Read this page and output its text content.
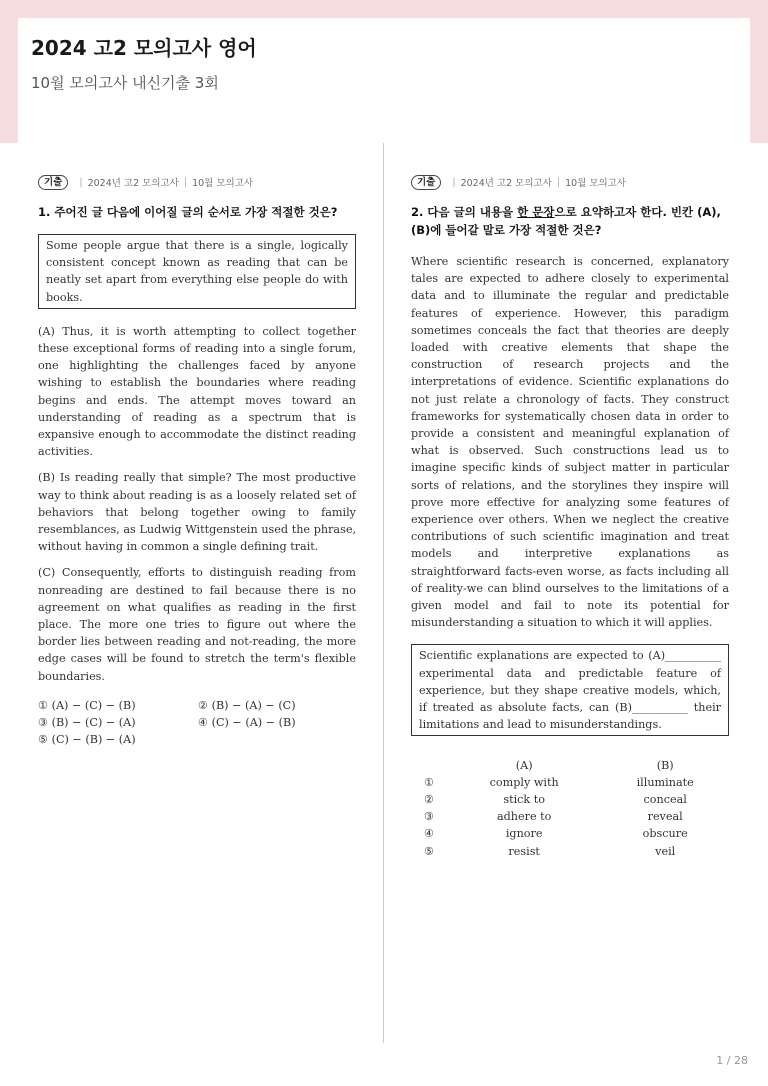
2024 고2 모의고사 영어
10월 모의고사 내신기출 3회
기출	| 2024년 고2 모의고사 | 10월 모의고사
1. 주어진 글 다음에 이어질 글의 순서로 가장 적절한 것은?
Some people argue that there is a single, logically consistent concept known as reading that can be neatly set apart from everything else people do with books.

(A) Thus, it is worth attempting to collect together these exceptional forms of reading into a single forum, one highlighting the challenges faced by anyone wishing to establish the boundaries where reading begins and ends. The attempt moves toward an understanding of reading as a spectrum that is expansive enough to accommodate the distinct reading activities.

(B) Is reading really that simple? The most productive way to think about reading is as a loosely related set of behaviors that belong together owing to family resemblances, as Ludwig Wittgenstein used the phrase, without having in common a single defining trait.

(C) Consequently, efforts to distinguish reading from nonreading are destined to fail because there is no agreement on what qualifies as reading in the first place. The more one tries to figure out where the border lies between reading and not-reading, the more edge cases will be found to stretch the term's flexible boundaries.

① (A) − (C) − (B)	② (B) − (A) − (C)
③ (B) − (C) − (A)	④ (C) − (A) − (B)
⑤ (C) − (B) − (A)
기출	| 2024년 고2 모의고사 | 10월 모의고사
2. 다음 글의 내용을 한 문장으로 요약하고자 한다. 빈칸 (A), (B)에 들어갈 말로 가장 적절한 것은?
Where scientific research is concerned, explanatory tales are expected to adhere closely to experimental data and to illuminate the regular and predictable features of experience. However, this paradigm sometimes conceals the fact that theories are deeply loaded with creative elements that shape the construction of research projects and the interpretations of evidence. Scientific explanations do not just relate a chronology of facts. They construct frameworks for systematically chosen data in order to provide a consistent and meaningful explanation of what is observed. Such constructions lead us to imagine specific kinds of subject matter in particular sorts of relations, and the storylines they inspire will prove more effective for analyzing some features of experience over others. When we neglect the creative contributions of such scientific imagination and treat models and interpretive explanations as straightforward facts-even worse, as facts including all of reality-we can blind ourselves to the limitations of a given model and fail to note its potential for misunderstanding a situation to which it will applies.
Scientific explanations are expected to (A)__________ experimental data and predictable feature of experience, but they shape creative models, which, if treated as absolute facts, can (B)__________ their limitations and lead to misunderstandings.
	(A)	(B)
①	comply with	illuminate
②	stick to	conceal
③	adhere to	reveal
④	ignore	obscure
⑤	resist	veil
1 / 28
